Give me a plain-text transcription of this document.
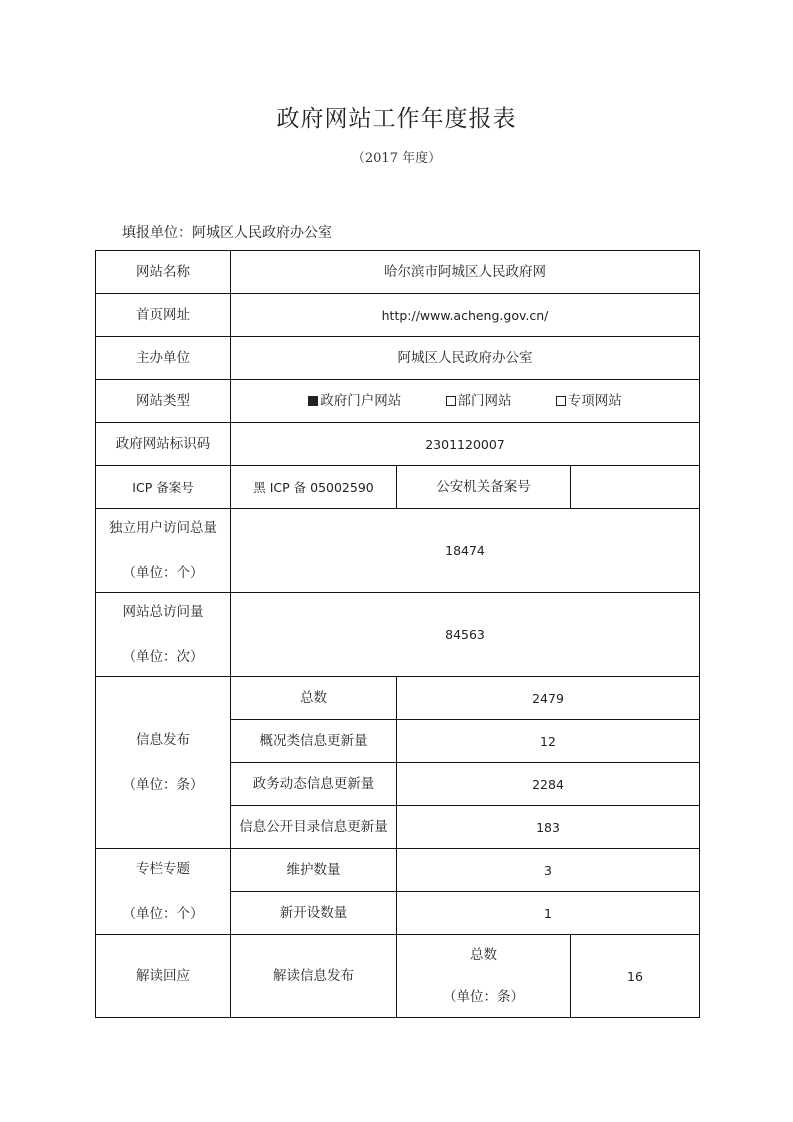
政府网站工作年度报表
（2017 年度）
填报单位：阿城区人民政府办公室
网站名称	哈尔滨市阿城区人民政府网		
首页网址	http://www.acheng.gov.cn/		
主办单位	阿城区人民政府办公室		
网站类型	政府门户网站 部门网站 专项网站		
政府网站标识码	2301120007		
ICP 备案号	黑 ICP 备 05002590	公安机关备案号	

独立用户访问总量
（单位：个）	18474		

网站总访问量
（单位：次）	84563		

信息发布
（单位：条）	总数	2479	
	概况类信息更新量	12	
	政务动态信息更新量	2284	
	信息公开目录信息更新量	183	

专栏专题
（单位：个）	维护数量	3	
	新开设数量	1	
解读回应	解读信息发布	总数
（单位：条）	16
